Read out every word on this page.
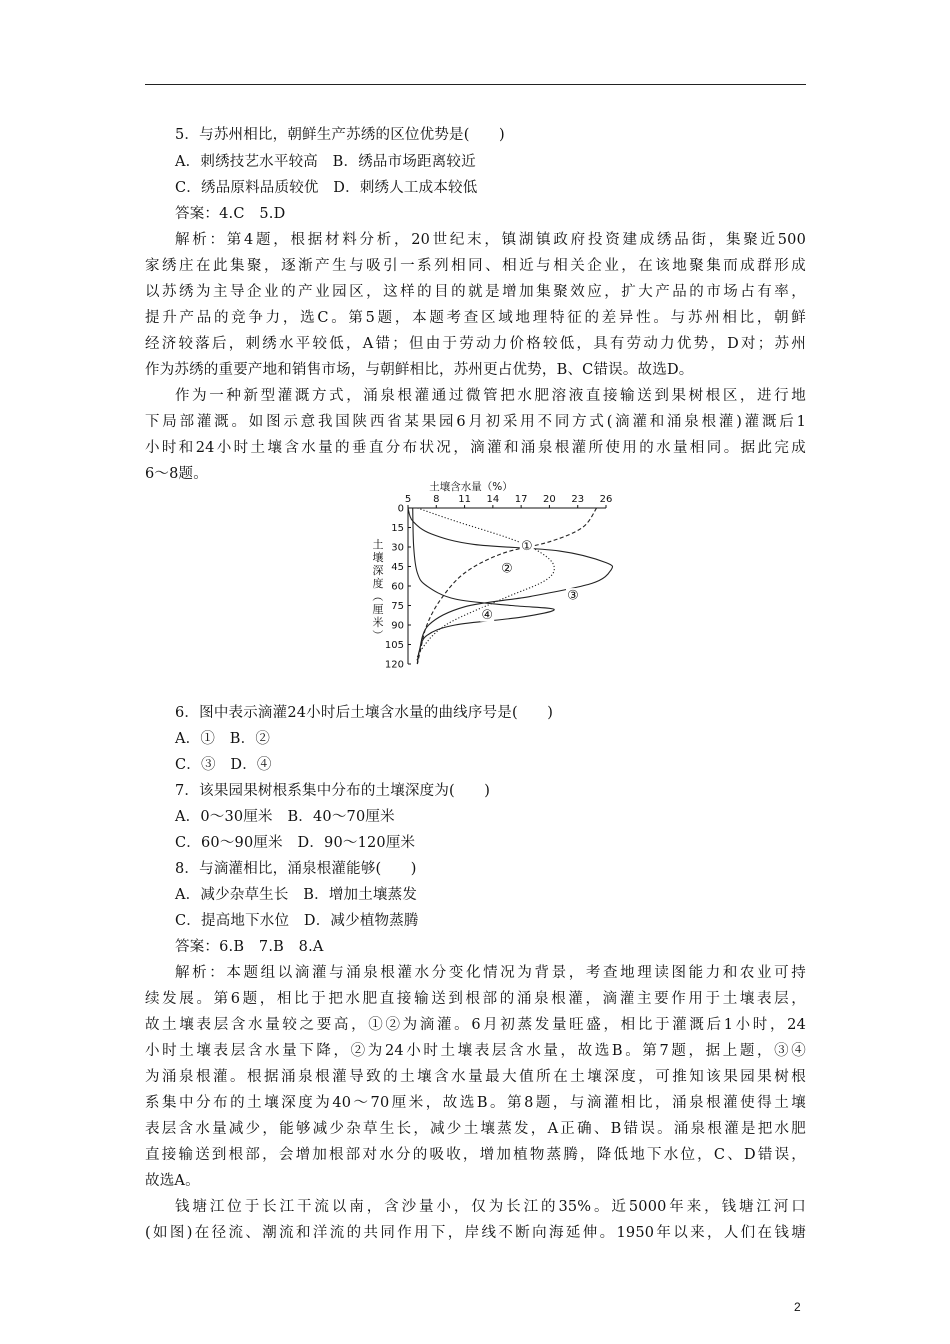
5．与苏州相比，朝鲜生产苏绣的区位优势是(　　)
A．刺绣技艺水平较高　B．绣品市场距离较近
C．绣品原料品质较优　D．刺绣人工成本较低
答案：4.C　5.D
解析：第4题，根据材料分析，20世纪末，镇湖镇政府投资建成绣品街，集聚近500
家绣庄在此集聚，逐渐产生与吸引一系列相同、相近与相关企业，在该地聚集而成群形成
以苏绣为主导企业的产业园区，这样的目的就是增加集聚效应，扩大产品的市场占有率，
提升产品的竞争力，选C。第5题，本题考查区域地理特征的差异性。与苏州相比，朝鲜
经济较落后，刺绣水平较低，A错；但由于劳动力价格较低，具有劳动力优势，D对；苏州
作为苏绣的重要产地和销售市场，与朝鲜相比，苏州更占优势，B、C错误。故选D。
作为一种新型灌溉方式，涌泉根灌通过微管把水肥溶液直接输送到果树根区，进行地
下局部灌溉。如图示意我国陕西省某果园6月初采用不同方式(滴灌和涌泉根灌)灌溉后1
小时和24小时土壤含水量的垂直分布状况，滴灌和涌泉根灌所使用的水量相同。据此完成
6～8题。
土壤含水量（%）
5 8 11 14 17 20 23 26
0
15
30
45
60
75
90
105
120
①
②
③
④
土
壤
深
度
（
厘
米
）
6．图中表示滴灌24小时后土壤含水量的曲线序号是(　　)
A．①　B．②
C．③　D．④
7．该果园果树根系集中分布的土壤深度为(　　)
A．0～30厘米　B．40～70厘米
C．60～90厘米　D．90～120厘米
8．与滴灌相比，涌泉根灌能够(　　)
A．减少杂草生长　B．增加土壤蒸发
C．提高地下水位　D．减少植物蒸腾
答案：6.B　7.B　8.A
解析：本题组以滴灌与涌泉根灌水分变化情况为背景，考查地理读图能力和农业可持
续发展。第6题，相比于把水肥直接输送到根部的涌泉根灌，滴灌主要作用于土壤表层，
故土壤表层含水量较之要高，①②为滴灌。6月初蒸发量旺盛，相比于灌溉后1小时，24
小时土壤表层含水量下降，②为24小时土壤表层含水量，故选B。第7题，据上题，③④
为涌泉根灌。根据涌泉根灌导致的土壤含水量最大值所在土壤深度，可推知该果园果树根
系集中分布的土壤深度为40～70厘米，故选B。第8题，与滴灌相比，涌泉根灌使得土壤
表层含水量减少，能够减少杂草生长，减少土壤蒸发，A正确、B错误。涌泉根灌是把水肥
直接输送到根部，会增加根部对水分的吸收，增加植物蒸腾，降低地下水位，C、D错误，
故选A。
钱塘江位于长江干流以南，含沙量小，仅为长江的35%。近5000年来，钱塘江河口
(如图)在径流、潮流和洋流的共同作用下，岸线不断向海延伸。1950年以来，人们在钱塘
2
